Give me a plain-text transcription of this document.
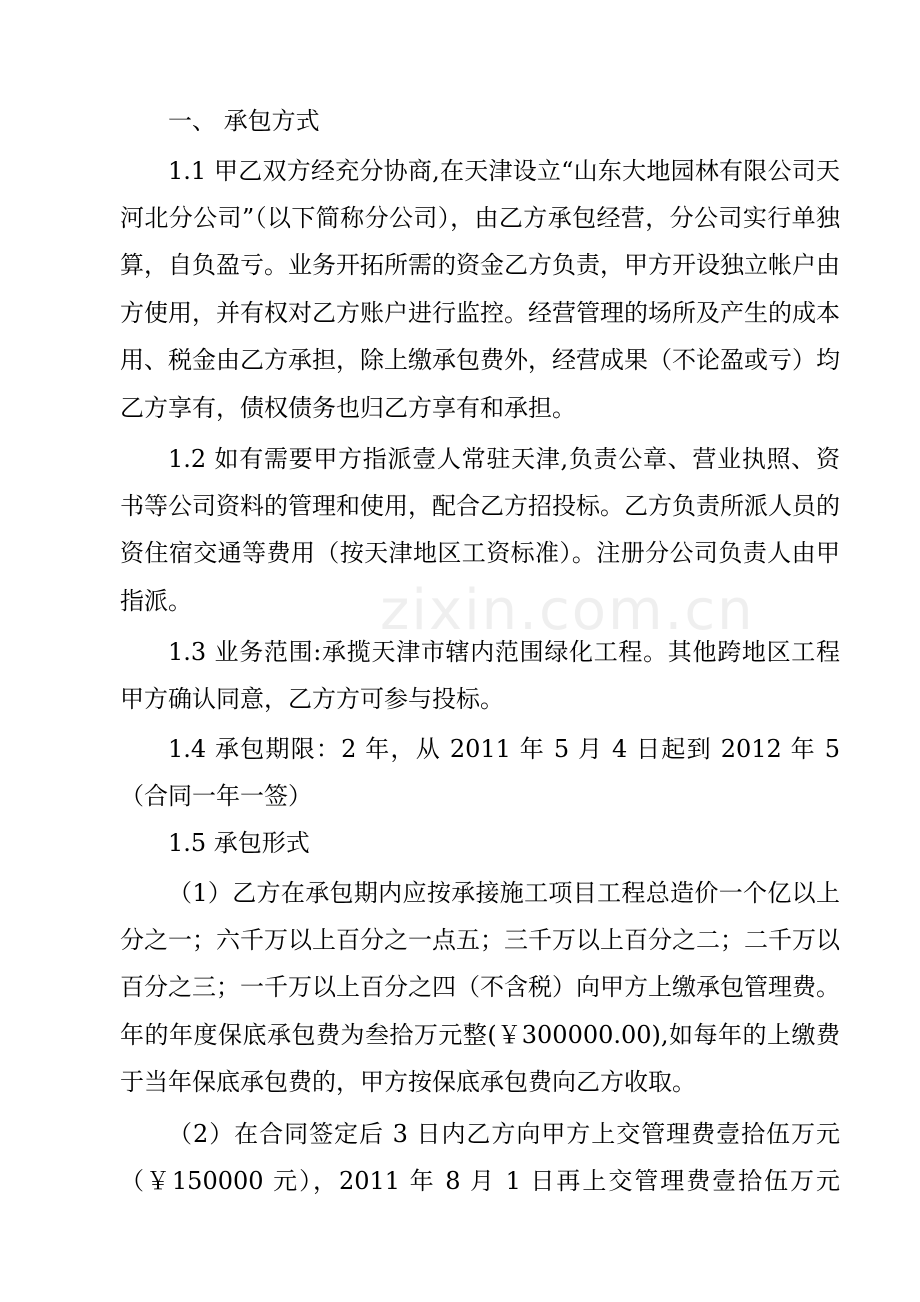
zixin.com.cn
一、 承包方式
1.1 甲乙双方经充分协商,在天津设立“山东大地园林有限公司天
河北分公司”（以下简称分公司），由乙方承包经营，分公司实行单独
算，自负盈亏。业务开拓所需的资金乙方负责，甲方开设独立帐户由
方使用，并有权对乙方账户进行监控。经营管理的场所及产生的成本
用、税金由乙方承担，除上缴承包费外，经营成果（不论盈或亏）均
乙方享有，债权债务也归乙方享有和承担。
1.2 如有需要甲方指派壹人常驻天津,负责公章、营业执照、资
书等公司资料的管理和使用，配合乙方招投标。乙方负责所派人员的
资住宿交通等费用（按天津地区工资标准）。注册分公司负责人由甲
指派。
1.3 业务范围:承揽天津市辖内范围绿化工程。其他跨地区工程
甲方确认同意，乙方方可参与投标。
1.4 承包期限：2 年，从 2011 年 5 月 4 日起到 2012 年 5
（合同一年一签）
1.5 承包形式
（1）乙方在承包期内应按承接施工项目工程总造价一个亿以上
分之一；六千万以上百分之一点五；三千万以上百分之二；二千万以
百分之三；一千万以上百分之四（不含税）向甲方上缴承包管理费。
年的年度保底承包费为叁拾万元整(￥300000.00),如每年的上缴费
于当年保底承包费的，甲方按保底承包费向乙方收取。
（2）在合同签定后 3 日内乙方向甲方上交管理费壹拾伍万元
（￥150000 元），2011 年 8 月 1 日再上交管理费壹拾伍万元
